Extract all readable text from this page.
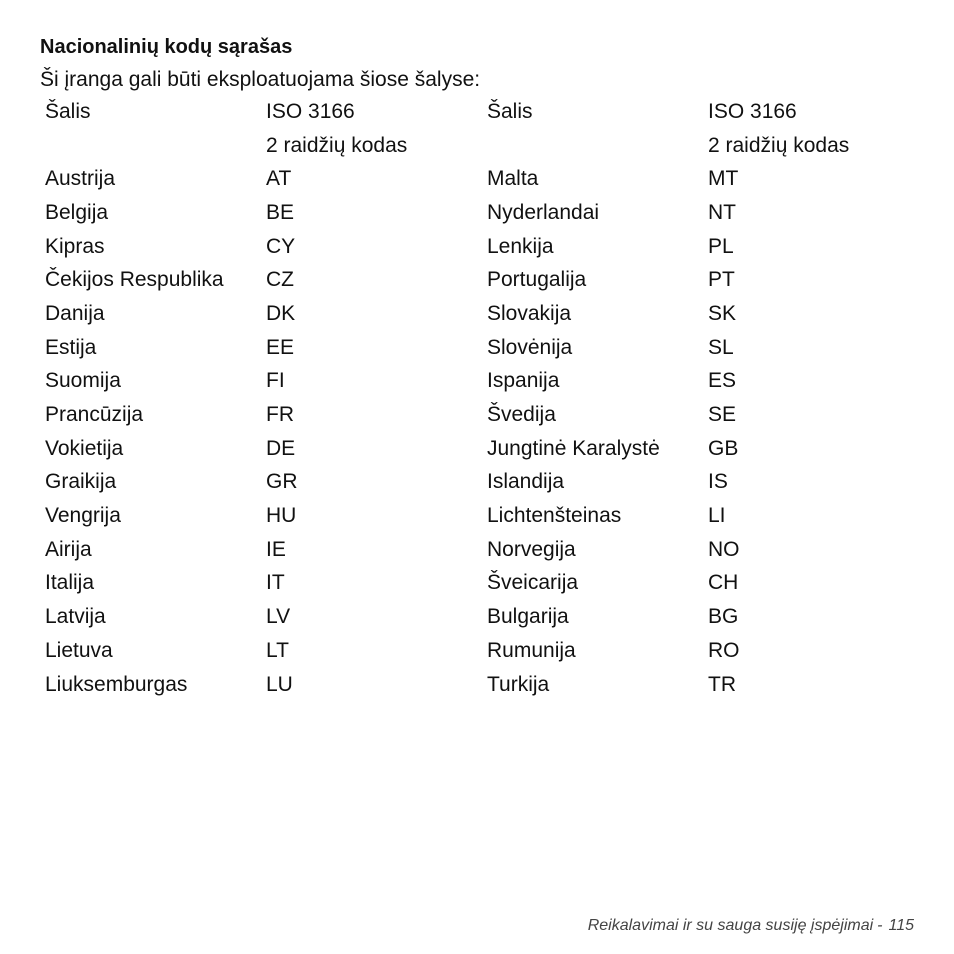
Nacionalinių kodų sąrašas
Ši įranga gali būti eksploatuojama šiose šalyse:
Šalis	ISO 3166	Šalis	ISO 3166
	2 raidžių kodas		2 raidžių kodas
Austrija	AT	Malta	MT
Belgija	BE	Nyderlandai	NT
Kipras	CY	Lenkija	PL
Čekijos Respublika	CZ	Portugalija	PT
Danija	DK	Slovakija	SK
Estija	EE	Slovėnija	SL
Suomija	FI	Ispanija	ES
Prancūzija	FR	Švedija	SE
Vokietija	DE	Jungtinė Karalystė	GB
Graikija	GR	Islandija	IS
Vengrija	HU	Lichtenšteinas	LI
Airija	IE	Norvegija	NO
Italija	IT	Šveicarija	CH
Latvija	LV	Bulgarija	BG
Lietuva	LT	Rumunija	RO
Liuksemburgas	LU	Turkija	TR
Reikalavimai ir su sauga susiję įspėjimai - 115
